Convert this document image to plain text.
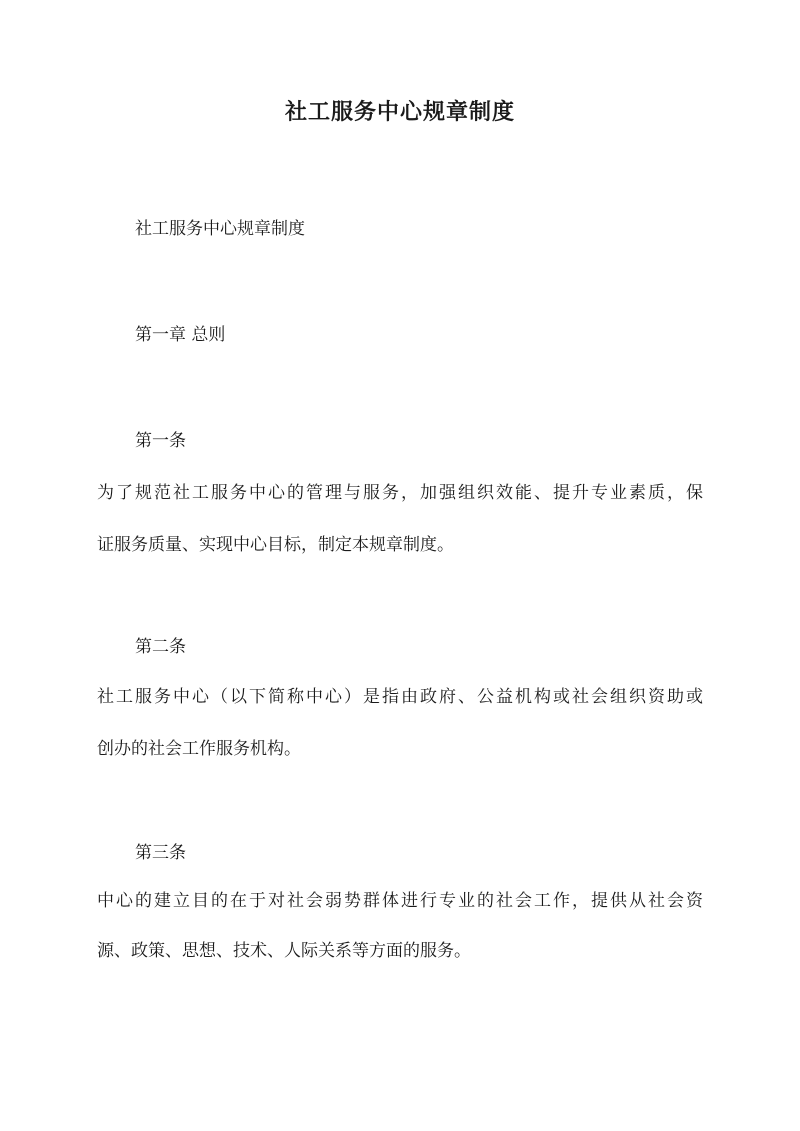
社工服务中心规章制度

社工服务中心规章制度

第一章 总则

第一条

为了规范社工服务中心的管理与服务，加强组织效能、提升专业素质，保

证服务质量、实现中心目标，制定本规章制度。

第二条

社工服务中心（以下简称中心）是指由政府、公益机构或社会组织资助或

创办的社会工作服务机构。

第三条

中心的建立目的在于对社会弱势群体进行专业的社会工作，提供从社会资

源、政策、思想、技术、人际关系等方面的服务。
